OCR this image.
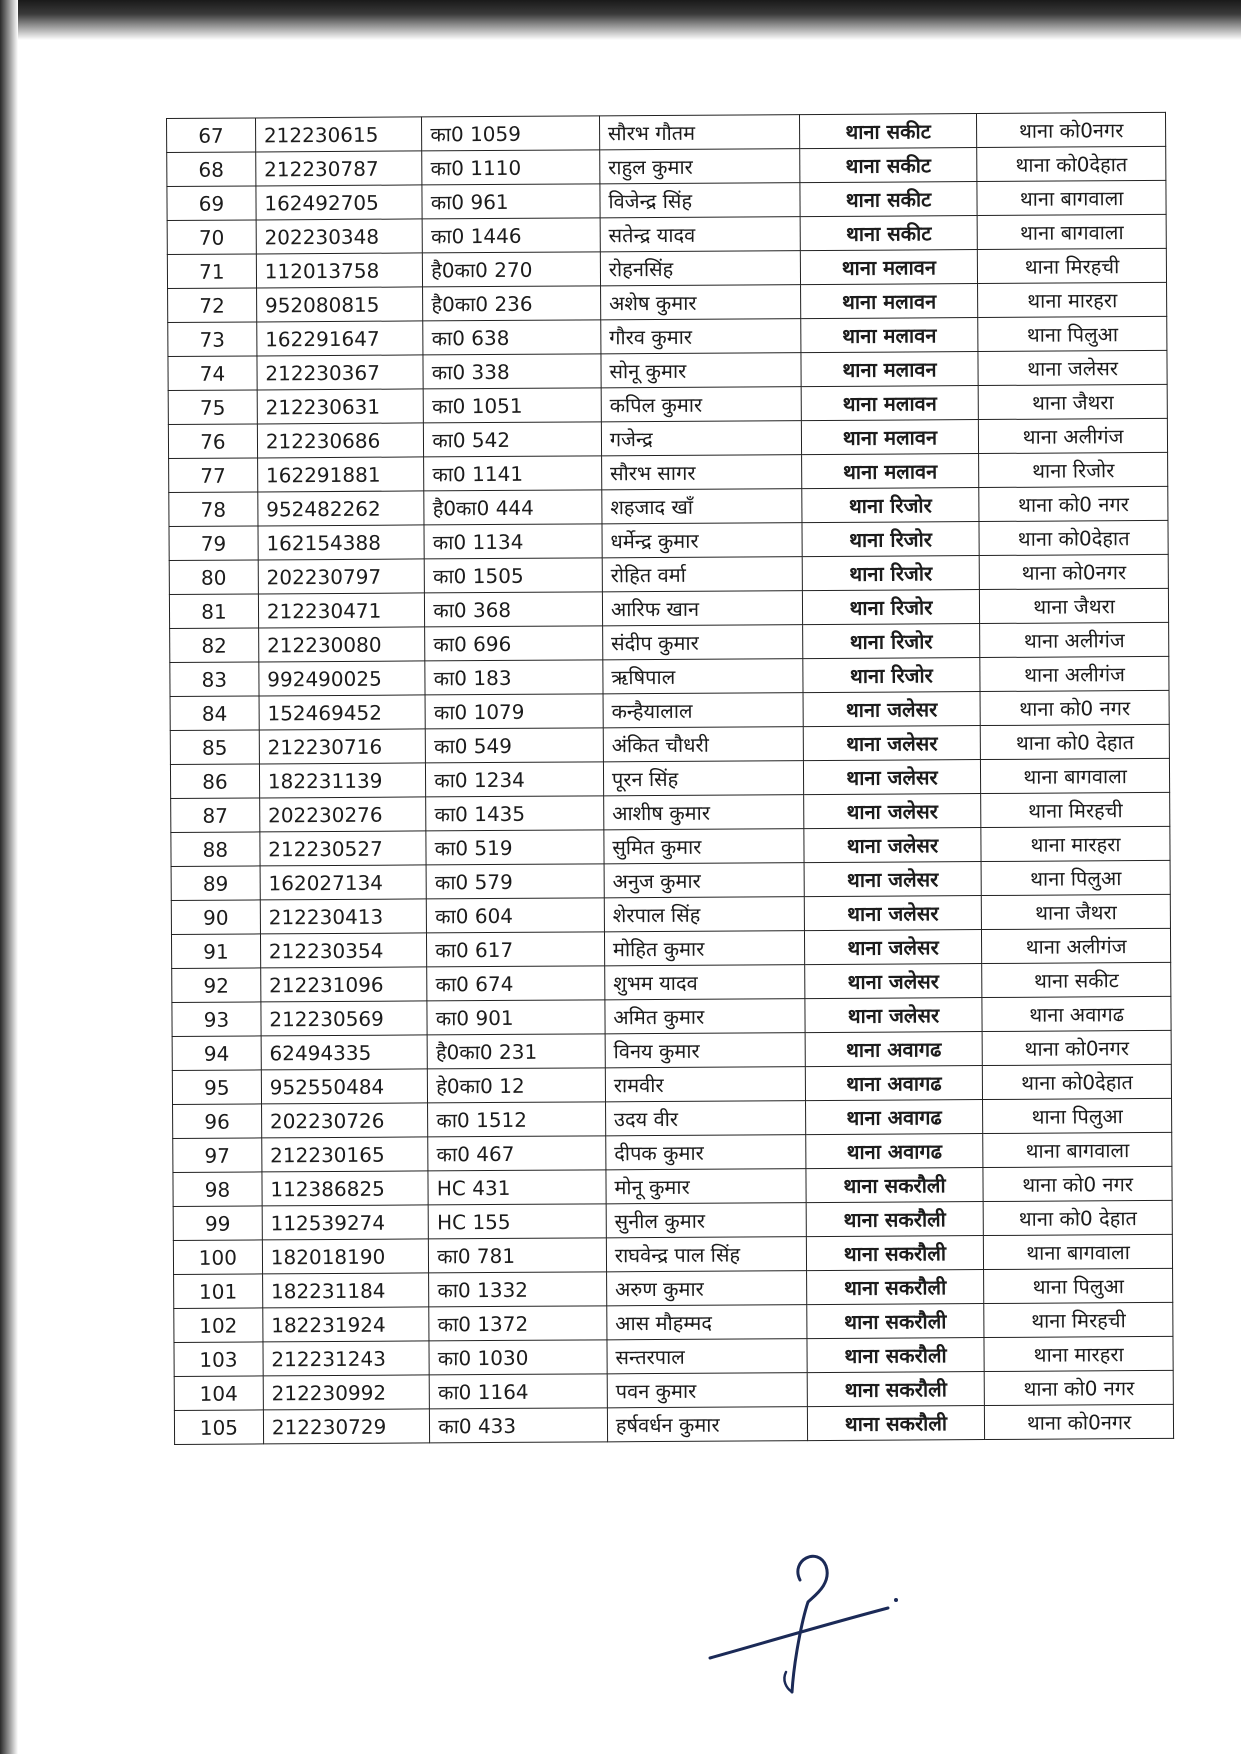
67	212230615	का0 1059	सौरभ गौतम	थाना सकीट	थाना को0नगर
68	212230787	का0 1110	राहुल कुमार	थाना सकीट	थाना को0देहात
69	162492705	का0 961	विजेन्द्र सिंह	थाना सकीट	थाना बागवाला
70	202230348	का0 1446	सतेन्द्र यादव	थाना सकीट	थाना बागवाला
71	112013758	है0का0 270	रोहनसिंह	थाना मलावन	थाना मिरहची
72	952080815	है0का0 236	अशेष कुमार	थाना मलावन	थाना मारहरा
73	162291647	का0 638	गौरव कुमार	थाना मलावन	थाना पिलुआ
74	212230367	का0 338	सोनू कुमार	थाना मलावन	थाना जलेसर
75	212230631	का0 1051	कपिल कुमार	थाना मलावन	थाना जैथरा
76	212230686	का0 542	गजेन्द्र	थाना मलावन	थाना अलीगंज
77	162291881	का0 1141	सौरभ सागर	थाना मलावन	थाना रिजोर
78	952482262	है0का0 444	शहजाद खाँ	थाना रिजोर	थाना को0 नगर
79	162154388	का0 1134	धर्मेन्द्र कुमार	थाना रिजोर	थाना को0देहात
80	202230797	का0 1505	रोहित वर्मा	थाना रिजोर	थाना को0नगर
81	212230471	का0 368	आरिफ खान	थाना रिजोर	थाना जैथरा
82	212230080	का0 696	संदीप कुमार	थाना रिजोर	थाना अलीगंज
83	992490025	का0 183	ऋषिपाल	थाना रिजोर	थाना अलीगंज
84	152469452	का0 1079	कन्हैयालाल	थाना जलेसर	थाना को0 नगर
85	212230716	का0 549	अंकित चौधरी	थाना जलेसर	थाना को0 देहात
86	182231139	का0 1234	पूरन सिंह	थाना जलेसर	थाना बागवाला
87	202230276	का0 1435	आशीष कुमार	थाना जलेसर	थाना मिरहची
88	212230527	का0 519	सुमित कुमार	थाना जलेसर	थाना मारहरा
89	162027134	का0 579	अनुज कुमार	थाना जलेसर	थाना पिलुआ
90	212230413	का0 604	शेरपाल सिंह	थाना जलेसर	थाना जैथरा
91	212230354	का0 617	मोहित कुमार	थाना जलेसर	थाना अलीगंज
92	212231096	का0 674	शुभम यादव	थाना जलेसर	थाना सकीट
93	212230569	का0 901	अमित कुमार	थाना जलेसर	थाना अवागढ
94	62494335	है0का0 231	विनय कुमार	थाना अवागढ	थाना को0नगर
95	952550484	हे0का0 12	रामवीर	थाना अवागढ	थाना को0देहात
96	202230726	का0 1512	उदय वीर	थाना अवागढ	थाना पिलुआ
97	212230165	का0 467	दीपक कुमार	थाना अवागढ	थाना बागवाला
98	112386825	HC 431	मोनू कुमार	थाना सकरौली	थाना को0 नगर
99	112539274	HC 155	सुनील कुमार	थाना सकरौली	थाना को0 देहात
100	182018190	का0 781	राघवेन्द्र पाल सिंह	थाना सकरौली	थाना बागवाला
101	182231184	का0 1332	अरुण कुमार	थाना सकरौली	थाना पिलुआ
102	182231924	का0 1372	आस मौहम्मद	थाना सकरौली	थाना मिरहची
103	212231243	का0 1030	सन्तरपाल	थाना सकरौली	थाना मारहरा
104	212230992	का0 1164	पवन कुमार	थाना सकरौली	थाना को0 नगर
105	212230729	का0 433	हर्षवर्धन कुमार	थाना सकरौली	थाना को0नगर
